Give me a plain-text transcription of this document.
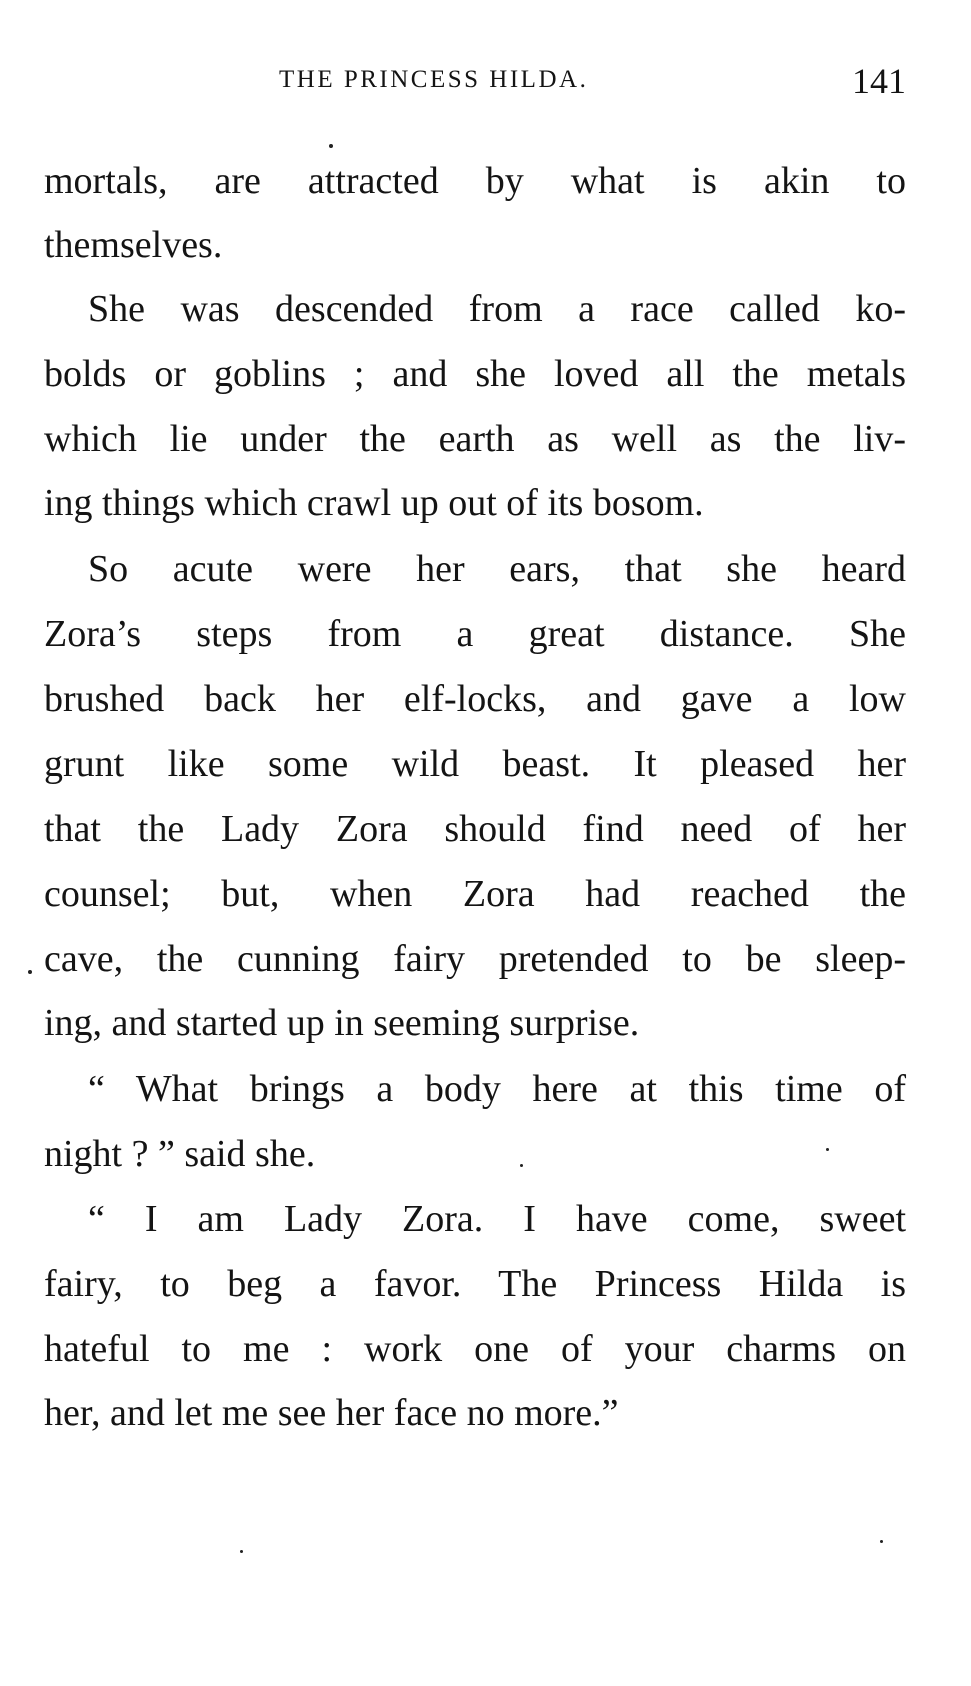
THE PRINCESS HILDA.	141
mortals, are attracted by what is akin to
themselves.
She was descended from a race called ko-
bolds or goblins ; and she loved all the metals
which lie under the earth as well as the liv-
ing things which crawl up out of its bosom.
So acute were her ears, that she heard
Zora’s steps from a great distance. She
brushed back her elf-locks, and gave a low
grunt like some wild beast. It pleased her
that the Lady Zora should find need of her
counsel; but, when Zora had reached the
cave, the cunning fairy pretended to be sleep-
ing, and started up in seeming surprise.
“ What brings a body here at this time of
night ? ” said she.
“ I am Lady Zora. I have come, sweet
fairy, to beg a favor. The Princess Hilda is
hateful to me : work one of your charms on
her, and let me see her face no more.”
